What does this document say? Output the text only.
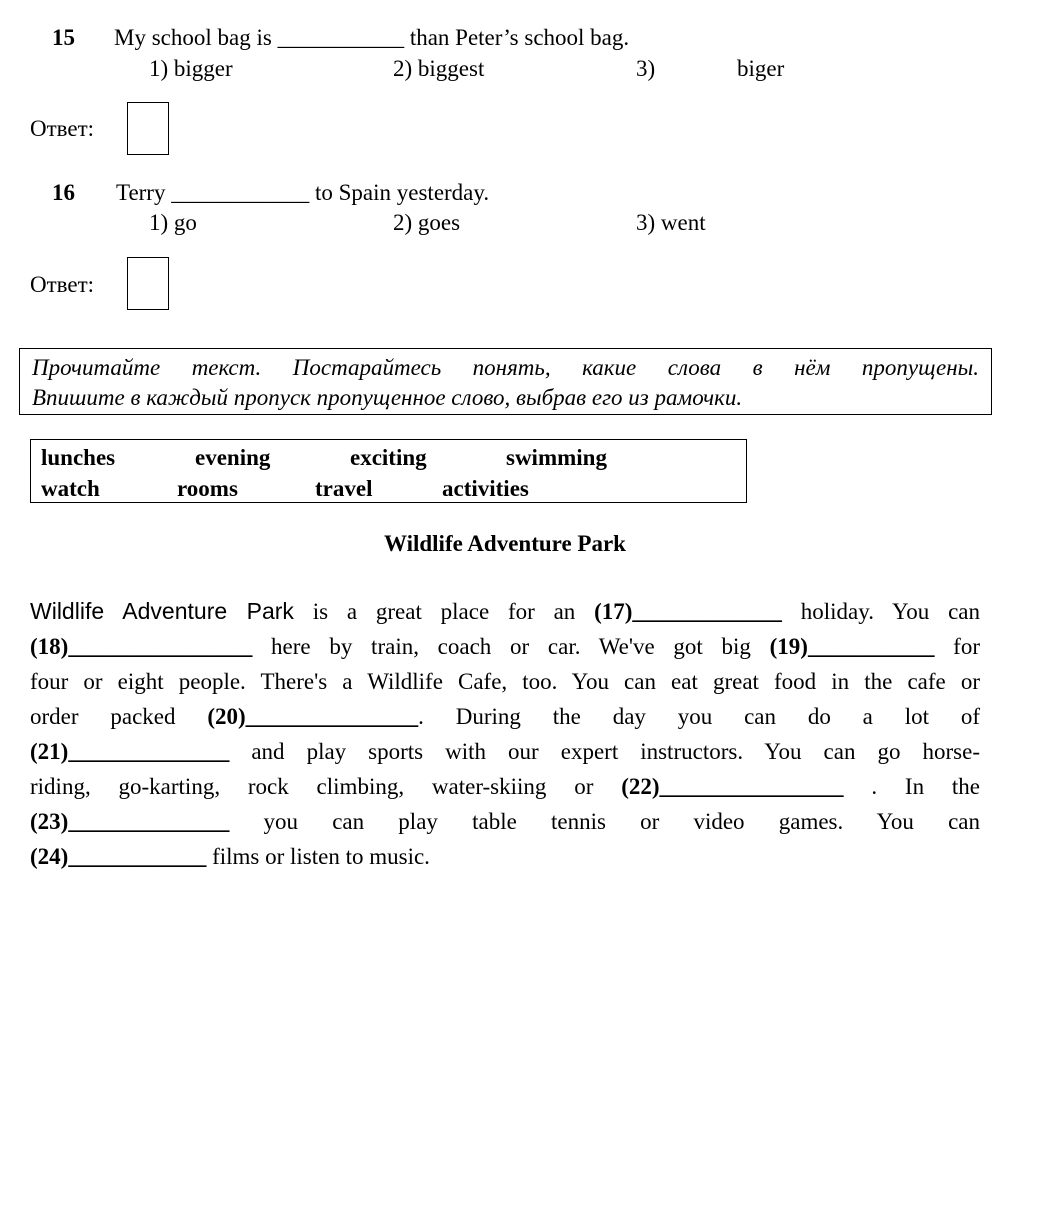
15 My school bag is ___________ than Peter’s school bag.
1) bigger	2) biggest	3)	biger
Ответ:
16 Terry ____________ to Spain yesterday.
1) go	2) goes	3) went
Ответ:
Прочитайте текст. Постарайтесь понять, какие слова в нём пропущены.
Впишите в каждый пропуск пропущенное слово, выбрав его из рамочки.
lunches	evening	exciting	swimming
watch	rooms	travel	activities
Wildlife Adventure Park
Wildlife Adventure Park is a great place for an (17)_____________ holiday. You can
(18)________________ here by train, coach or car. We've got big (19)___________ for
four or eight people. There's a Wildlife Cafe, too. You can eat great food in the cafe or
order packed (20)_______________. During the day you can do a lot of
(21)______________ and play sports with our expert instructors. You can go horse-
riding, go-karting, rock climbing, water-skiing or (22)________________ . In the
(23)______________ you can play table tennis or video games. You can
(24)____________ films or listen to music.
